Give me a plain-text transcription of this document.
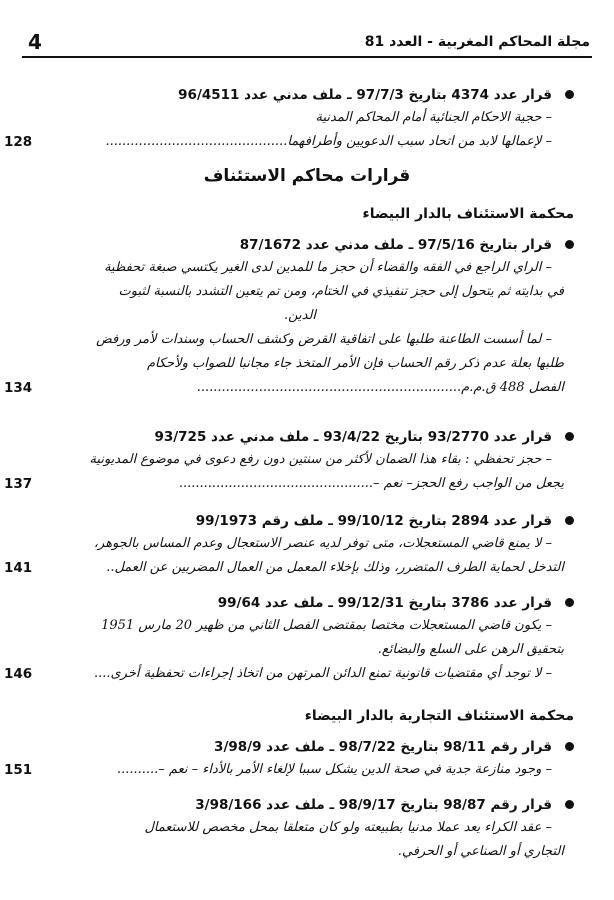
مجلة المحاكم المغربية - العدد 81
4
قرار عدد 4374 بتاريخ 97/7/3 ـ ملف مدني عدد 96/4511
– حجية الاحكام الجنائية أمام المحاكم المدنية
– لإعمالها لابد من اتحاد سبب الدعويين وأطرافهما............................................
128
قرارات محاكم الاستئناف
محكمة الاستئناف بالدار البيضاء
قرار بتاريخ 97/5/16 ـ ملف مدني عدد 87/1672
– الراي الراجع في الفقه والقضاء أن حجز ما للمدين لدى الغير يكتسي صبغة تحفظية
في بدايته ثم يتحول إلى حجز تنفيذي في الختام، ومن تم يتعين التشدد بالنسبة لثبوت
الدين.
– لما أسست الطاعنة طلبها على اتفاقية القرض وكشف الحساب وسندات لأمر ورفض
طلبها بعلة عدم ذكر رقم الحساب فإن الأمر المتخذ جاء مجانبا للصواب ولأحكام
الفصل 488 ق.م.م................................................................
134
قرار عدد 93/2770 بتاريخ 93/4/22 ـ ملف مدني عدد 93/725
– حجز تحفظي : بقاء هذا الضمان لأكثر من سنتين دون رفع دعوى في موضوع المديونية
يجعل من الواجب رفع الحجز– نعم –...............................................
137
قرار عدد 2894 بتاريخ 99/10/12 ـ ملف رقم 99/1973
– لا يمنع قاضي المستعجلات، متى توفر لديه عنصر الاستعجال وعدم المساس بالجوهر،
التدخل لحماية الطرف المتضرر، وذلك بإخلاء المعمل من العمال المضربين عن العمل..
141
قرار عدد 3786 بتاريخ 99/12/31 ـ ملف عدد 99/64
– يكون قاضي المستعجلات مختصا بمقتضى الفصل الثاني من ظهير 20 مارس 1951
بتحقيق الرهن على السلع والبضائع.
– لا توجد أي مقتضيات قانونية تمنع الدائن المرتهن من اتخاذ إجراءات تحفظية أخرى....
146
محكمة الاستئناف التجارية بالدار البيضاء
قرار رقم 98/11 بتاريخ 98/7/22 ـ ملف عدد 3/98/9
– وجود منازعة جدية في صحة الدين يشكل سببا لإلغاء الأمر بالأداء – نعم –..........
151
قرار رقم 98/87 بتاريخ 98/9/17 ـ ملف عدد 3/98/166
– عقد الكراء يعد عملا مدنيا بطبيعته ولو كان متعلقا بمحل مخصص للاستعمال
التجاري أو الصناعي أو الحرفي.
